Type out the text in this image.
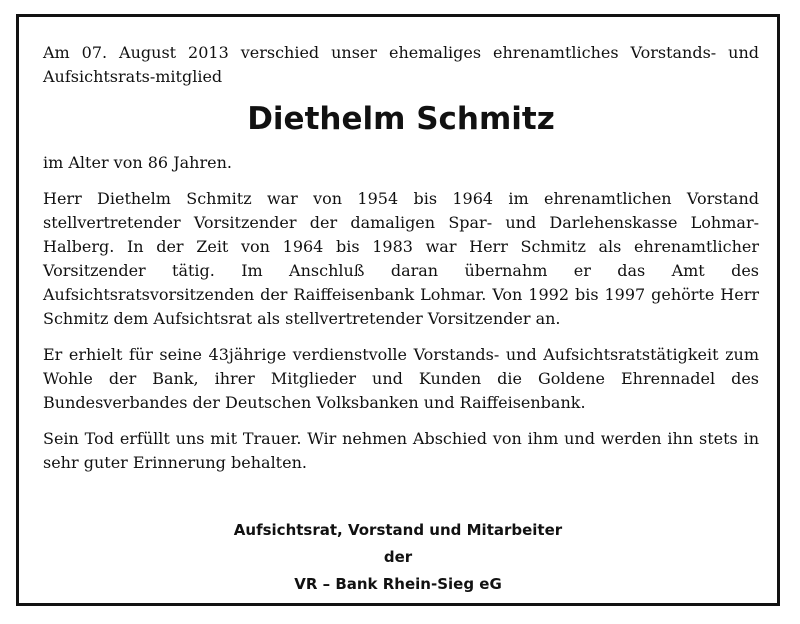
Am 07. August 2013 verschied unser ehemaliges ehrenamtliches Vorstands- und Aufsichtsrats-mitglied

Diethelm Schmitz

im Alter von 86 Jahren.

Herr Diethelm Schmitz war von 1954 bis 1964 im ehrenamtlichen Vorstand stellvertretender Vorsitzender der damaligen Spar- und Darlehenskasse Lohmar-Halberg. In der Zeit von 1964 bis 1983 war Herr Schmitz als ehrenamtlicher Vorsitzender tätig. Im Anschluß daran übernahm er das Amt des Aufsichtsratsvorsitzenden der Raiffeisenbank Lohmar. Von 1992 bis 1997 gehörte Herr Schmitz dem Aufsichtsrat als stellvertretender Vorsitzender an.

Er erhielt für seine 43jährige verdienstvolle Vorstands- und Aufsichtsratstätigkeit zum Wohle der Bank, ihrer Mitglieder und Kunden die Goldene Ehrennadel des Bundesverbandes der Deutschen Volksbanken und Raiffeisenbank.

Sein Tod erfüllt uns mit Trauer. Wir nehmen Abschied von ihm und werden ihn stets in sehr guter Erinnerung behalten.

Aufsichtsrat, Vorstand und Mitarbeiter
der
VR – Bank Rhein-Sieg eG
